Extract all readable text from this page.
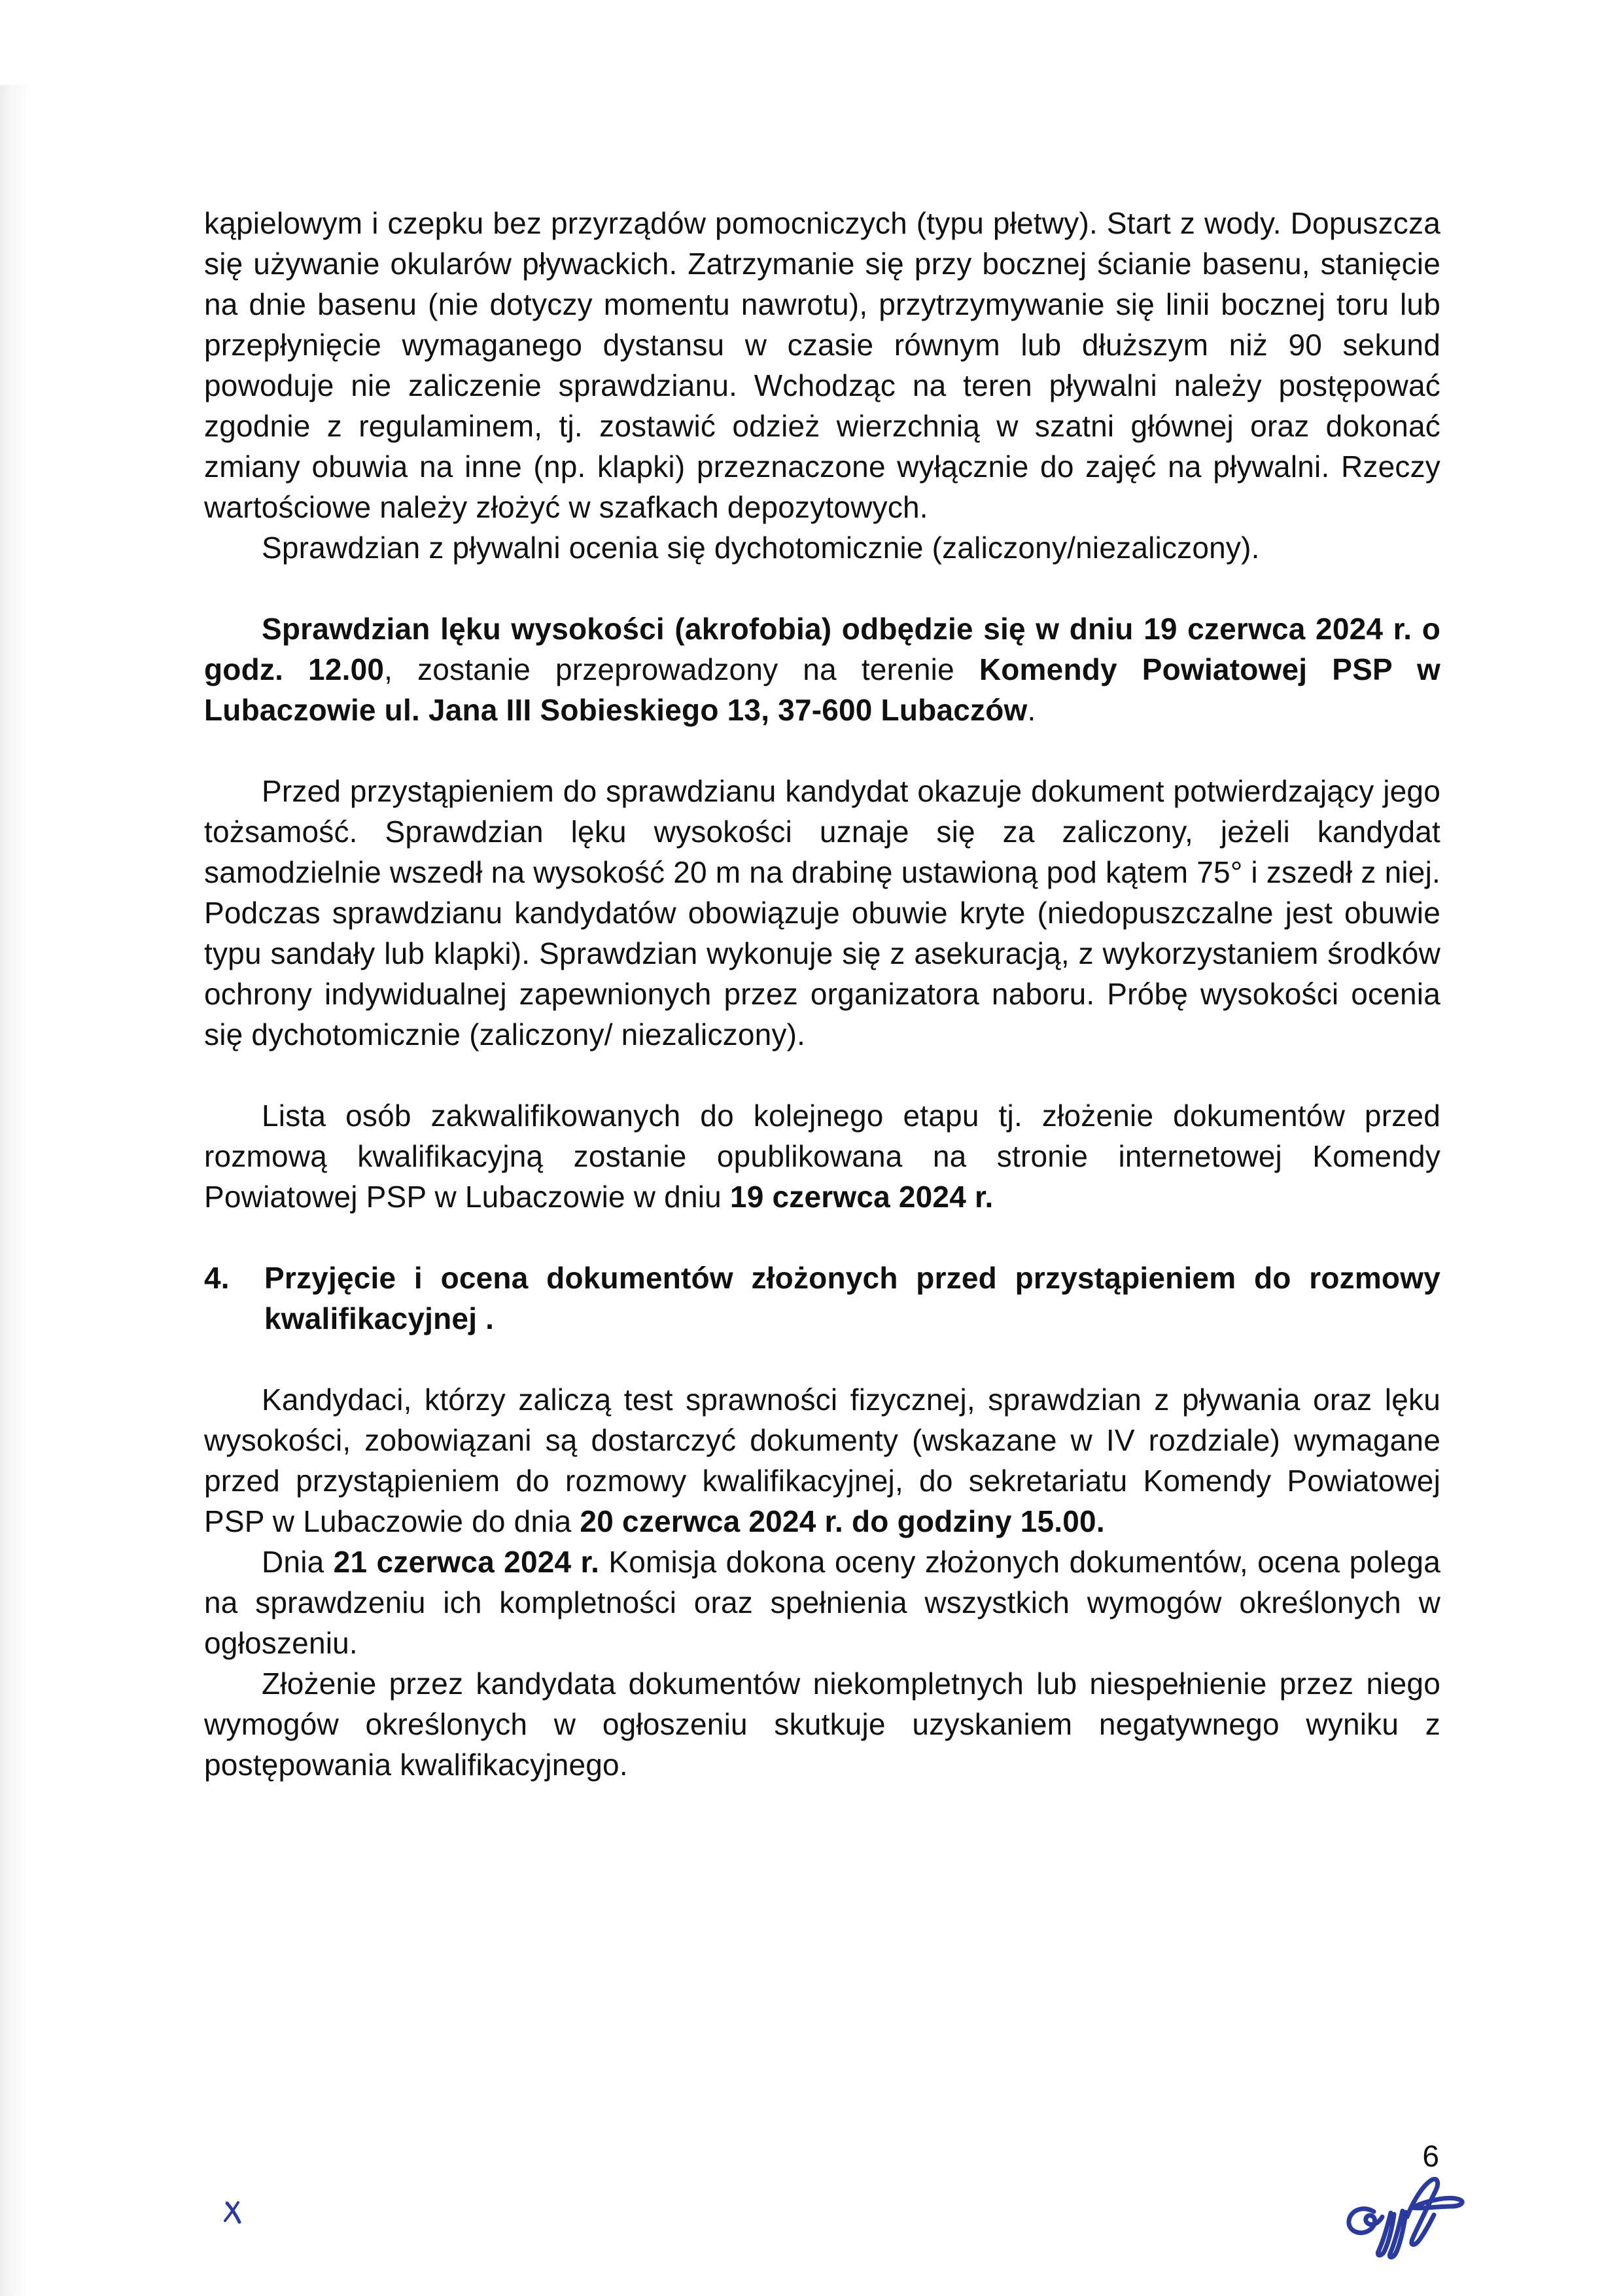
kąpielowym i czepku bez przyrządów pomocniczych (typu płetwy). Start z wody. Dopuszcza się używanie okularów pływackich. Zatrzymanie się przy bocznej ścianie basenu, stanięcie na dnie basenu (nie dotyczy momentu nawrotu), przytrzymywanie się linii bocznej toru lub przepłynięcie wymaganego dystansu w czasie równym lub dłuższym niż 90 sekund powoduje nie zaliczenie sprawdzianu. Wchodząc na teren pływalni należy postępować zgodnie z regulaminem, tj. zostawić odzież wierzchnią w szatni głównej oraz dokonać zmiany obuwia na inne (np. klapki) przeznaczone wyłącznie do zajęć na pływalni. Rzeczy wartościowe należy złożyć w szafkach depozytowych.

Sprawdzian z pływalni ocenia się dychotomicznie (zaliczony/niezaliczony).

Sprawdzian lęku wysokości (akrofobia) odbędzie się w dniu 19 czerwca 2024 r. o godz. 12.00, zostanie przeprowadzony na terenie Komendy Powiatowej PSP w Lubaczowie ul. Jana III Sobieskiego 13, 37-600 Lubaczów.

Przed przystąpieniem do sprawdzianu kandydat okazuje dokument potwierdzający jego tożsamość. Sprawdzian lęku wysokości uznaje się za zaliczony, jeżeli kandydat samodzielnie wszedł na wysokość 20 m na drabinę ustawioną pod kątem 75° i zszedł z niej. Podczas sprawdzianu kandydatów obowiązuje obuwie kryte (niedopuszczalne jest obuwie typu sandały lub klapki). Sprawdzian wykonuje się z asekuracją, z wykorzystaniem środków ochrony indywidualnej zapewnionych przez organizatora naboru. Próbę wysokości ocenia się dychotomicznie (zaliczony/ niezaliczony).

Lista osób zakwalifikowanych do kolejnego etapu tj. złożenie dokumentów przed rozmową kwalifikacyjną zostanie opublikowana na stronie internetowej Komendy Powiatowej PSP w Lubaczowie w dniu 19 czerwca 2024 r.

4.	Przyjęcie i ocena dokumentów złożonych przed przystąpieniem do rozmowy kwalifikacyjnej .

Kandydaci, którzy zaliczą test sprawności fizycznej, sprawdzian z pływania oraz lęku wysokości, zobowiązani są dostarczyć dokumenty (wskazane w IV rozdziale) wymagane przed przystąpieniem do rozmowy kwalifikacyjnej, do sekretariatu Komendy Powiatowej PSP w Lubaczowie do dnia 20 czerwca 2024 r. do godziny 15.00.

Dnia 21 czerwca 2024 r. Komisja dokona oceny złożonych dokumentów, ocena polega na sprawdzeniu ich kompletności oraz spełnienia wszystkich wymogów określonych w ogłoszeniu.

Złożenie przez kandydata dokumentów niekompletnych lub niespełnienie przez niego wymogów określonych w ogłoszeniu skutkuje uzyskaniem negatywnego wyniku z postępowania kwalifikacyjnego.

6
